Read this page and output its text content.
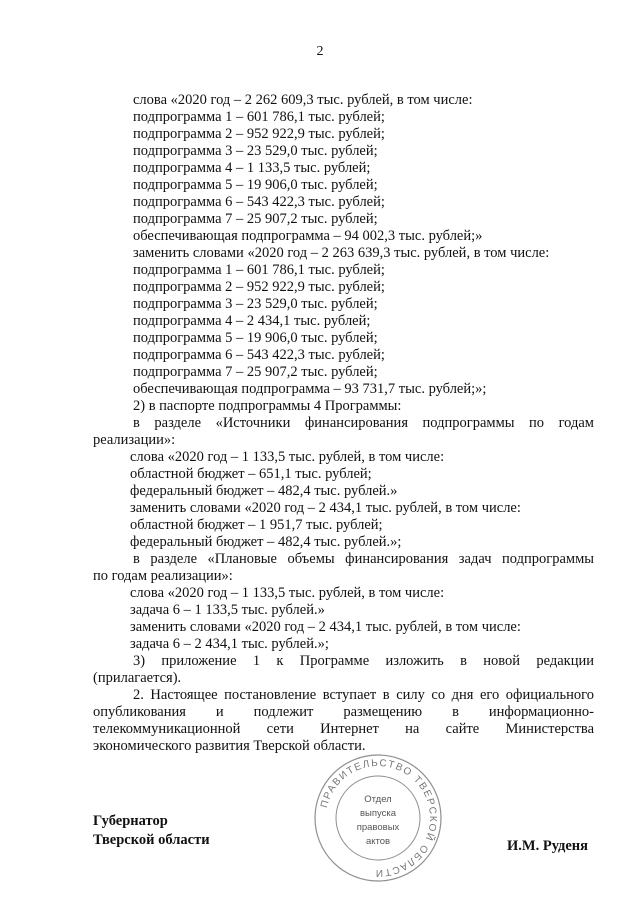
2
слова «2020 год – 2 262 609,3 тыс. рублей, в том числе:
подпрограмма 1 – 601 786,1 тыс. рублей;
подпрограмма 2 – 952 922,9 тыс. рублей;
подпрограмма 3 – 23 529,0 тыс. рублей;
подпрограмма 4 – 1 133,5 тыс. рублей;
подпрограмма 5 – 19 906,0 тыс. рублей;
подпрограмма 6 – 543 422,3 тыс. рублей;
подпрограмма 7 – 25 907,2 тыс. рублей;
обеспечивающая подпрограмма – 94 002,3 тыс. рублей;»
заменить словами «2020 год – 2 263 639,3 тыс. рублей, в том числе:
подпрограмма 1 – 601 786,1 тыс. рублей;
подпрограмма 2 – 952 922,9 тыс. рублей;
подпрограмма 3 – 23 529,0 тыс. рублей;
подпрограмма 4 – 2 434,1 тыс. рублей;
подпрограмма 5 – 19 906,0 тыс. рублей;
подпрограмма 6 – 543 422,3 тыс. рублей;
подпрограмма 7 – 25 907,2 тыс. рублей;
обеспечивающая подпрограмма – 93 731,7 тыс. рублей;»;
2) в паспорте подпрограммы 4 Программы:
в разделе «Источники финансирования подпрограммы по годам
реализации»:
слова «2020 год – 1 133,5 тыс. рублей, в том числе:
областной бюджет – 651,1 тыс. рублей;
федеральный бюджет – 482,4 тыс. рублей.»
заменить словами «2020 год – 2 434,1 тыс. рублей, в том числе:
областной бюджет – 1 951,7 тыс. рублей;
федеральный бюджет – 482,4 тыс. рублей.»;
в разделе «Плановые объемы финансирования задач подпрограммы
по годам реализации»:
слова «2020 год – 1 133,5 тыс. рублей, в том числе:
задача 6 – 1 133,5 тыс. рублей.»
заменить словами «2020 год – 2 434,1 тыс. рублей, в том числе:
задача 6 – 2 434,1 тыс. рублей.»;
3) приложение 1 к Программе изложить в новой редакции
(прилагается).
2. Настоящее постановление вступает в силу со дня его официального
опубликования и подлежит размещению в информационно-
телекоммуникационной сети Интернет на сайте Министерства
экономического развития Тверской области.
ПРАВИТЕЛЬСТВО ТВЕРСКОЙ ОБЛАСТИ
Отдел
выпуска
правовых
актов
Губернатор
Тверской области	И.М. Руденя
